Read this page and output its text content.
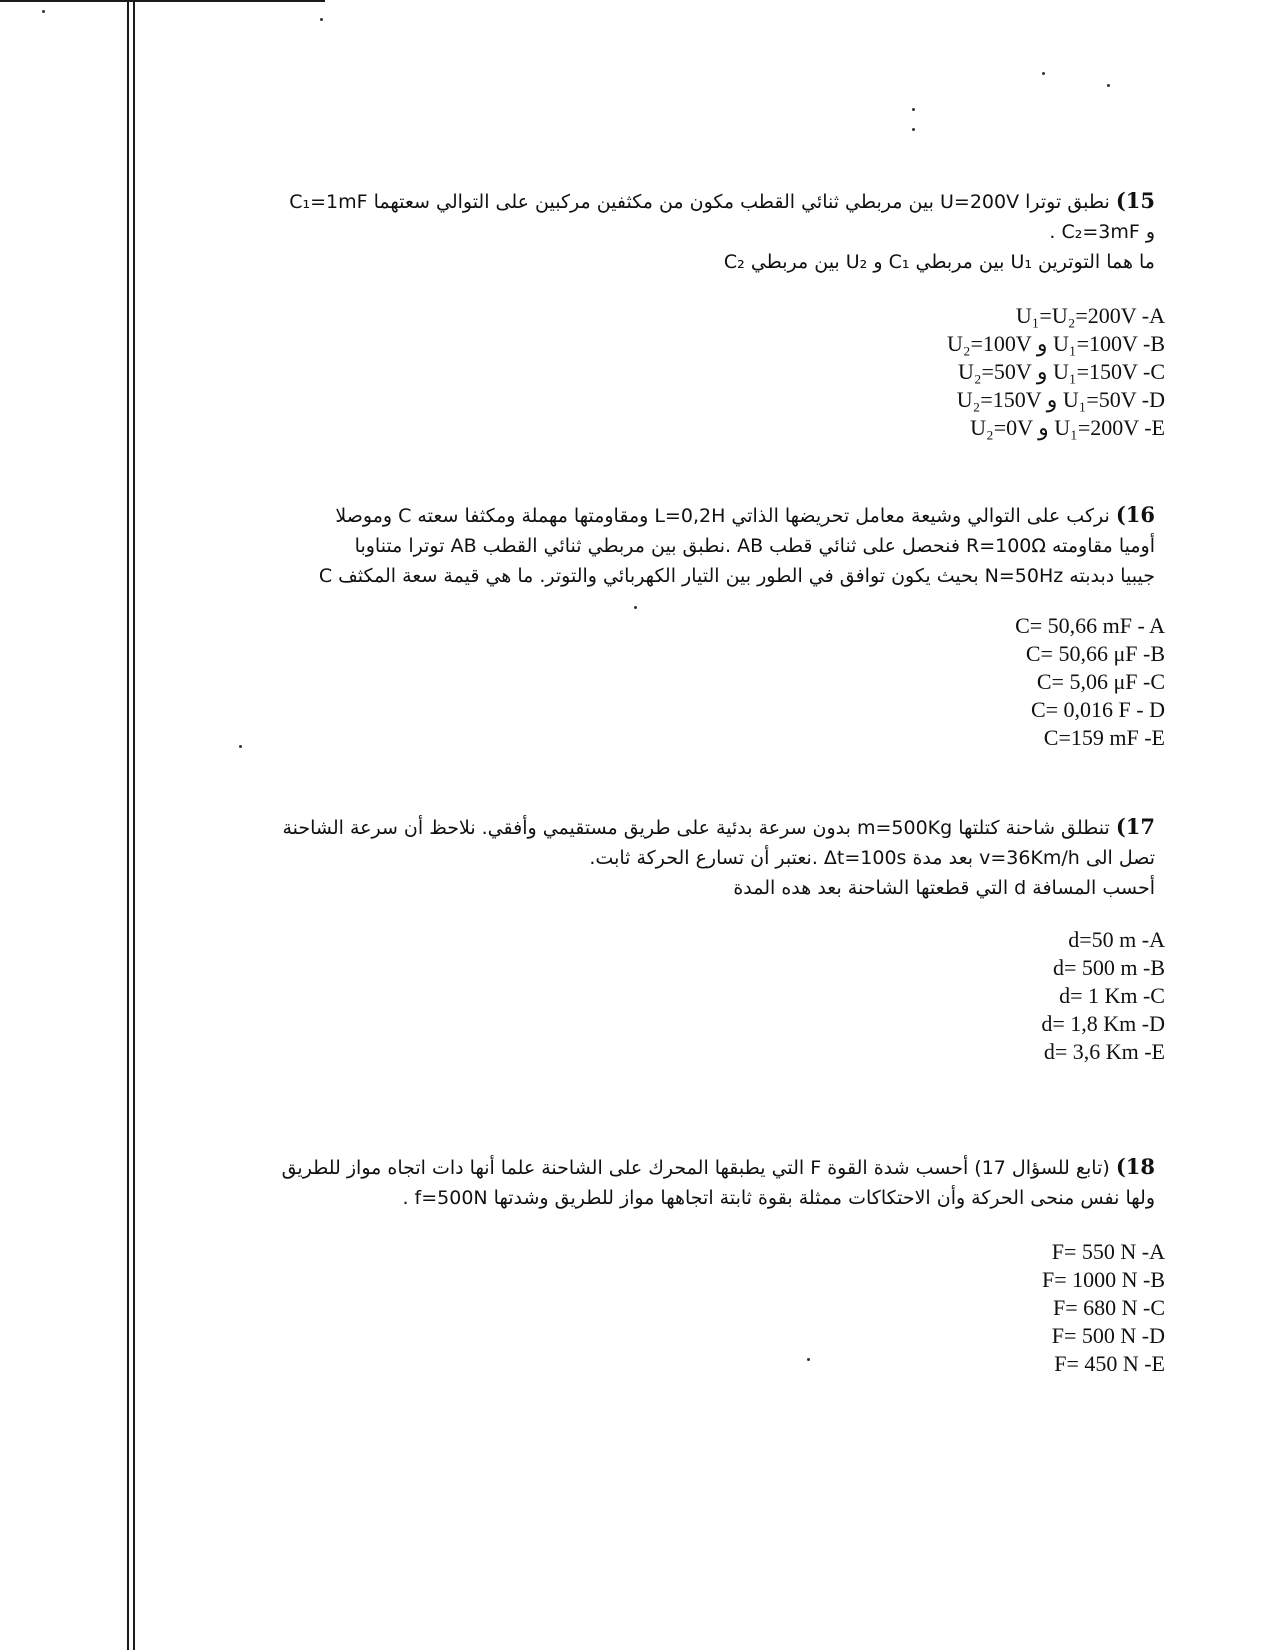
15) نطبق توترا U=200V بين مربطي ثنائي القطب مكون من مكثفين مركبين على التوالي سعتهما C₁=1mF
و C₂=3mF .
ما هما التوترين U₁ بين مربطي C₁ و U₂ بين مربطي C₂
U₁=U₂=200V -A
U₂=100V و U₁=100V -B
U₂=50V و U₁=150V -C
U₂=150V و U₁=50V -D
U₂=0V و U₁=200V -E
16) نركب على التوالي وشيعة معامل تحريضها الذاتي L=0,2H ومقاومتها مهملة ومكثفا سعته C وموصلا
أوميا مقاومته R=100Ω فنحصل على ثنائي قطب AB .نطبق بين مربطي ثنائي القطب AB توترا متناوبا
جيبيا دبدبته N=50Hz بحيث يكون توافق في الطور بين التيار الكهربائي والتوتر. ما هي قيمة سعة المكثف C
C= 50,66 mF - A
C= 50,66 μF -B
C= 5,06 μF -C
C= 0,016 F - D
C=159 mF -E
17) تنطلق شاحنة كتلتها m=500Kg بدون سرعة بدئية على طريق مستقيمي وأفقي. نلاحظ أن سرعة الشاحنة
تصل الى v=36Km/h بعد مدة Δt=100s .نعتبر أن تسارع الحركة ثابت.
أحسب المسافة d التي قطعتها الشاحنة بعد هده المدة
d=50 m -A
d= 500 m -B
d= 1 Km -C
d= 1,8 Km -D
d= 3,6 Km -E
18) (تابع للسؤال 17) أحسب شدة القوة F التي يطبقها المحرك على الشاحنة علما أنها دات اتجاه مواز للطريق
ولها نفس منحى الحركة وأن الاحتكاكات ممثلة بقوة ثابتة اتجاهها مواز للطريق وشدتها f=500N .
F= 550 N -A
F= 1000 N -B
F= 680 N -C
F= 500 N -D
F= 450 N -E
